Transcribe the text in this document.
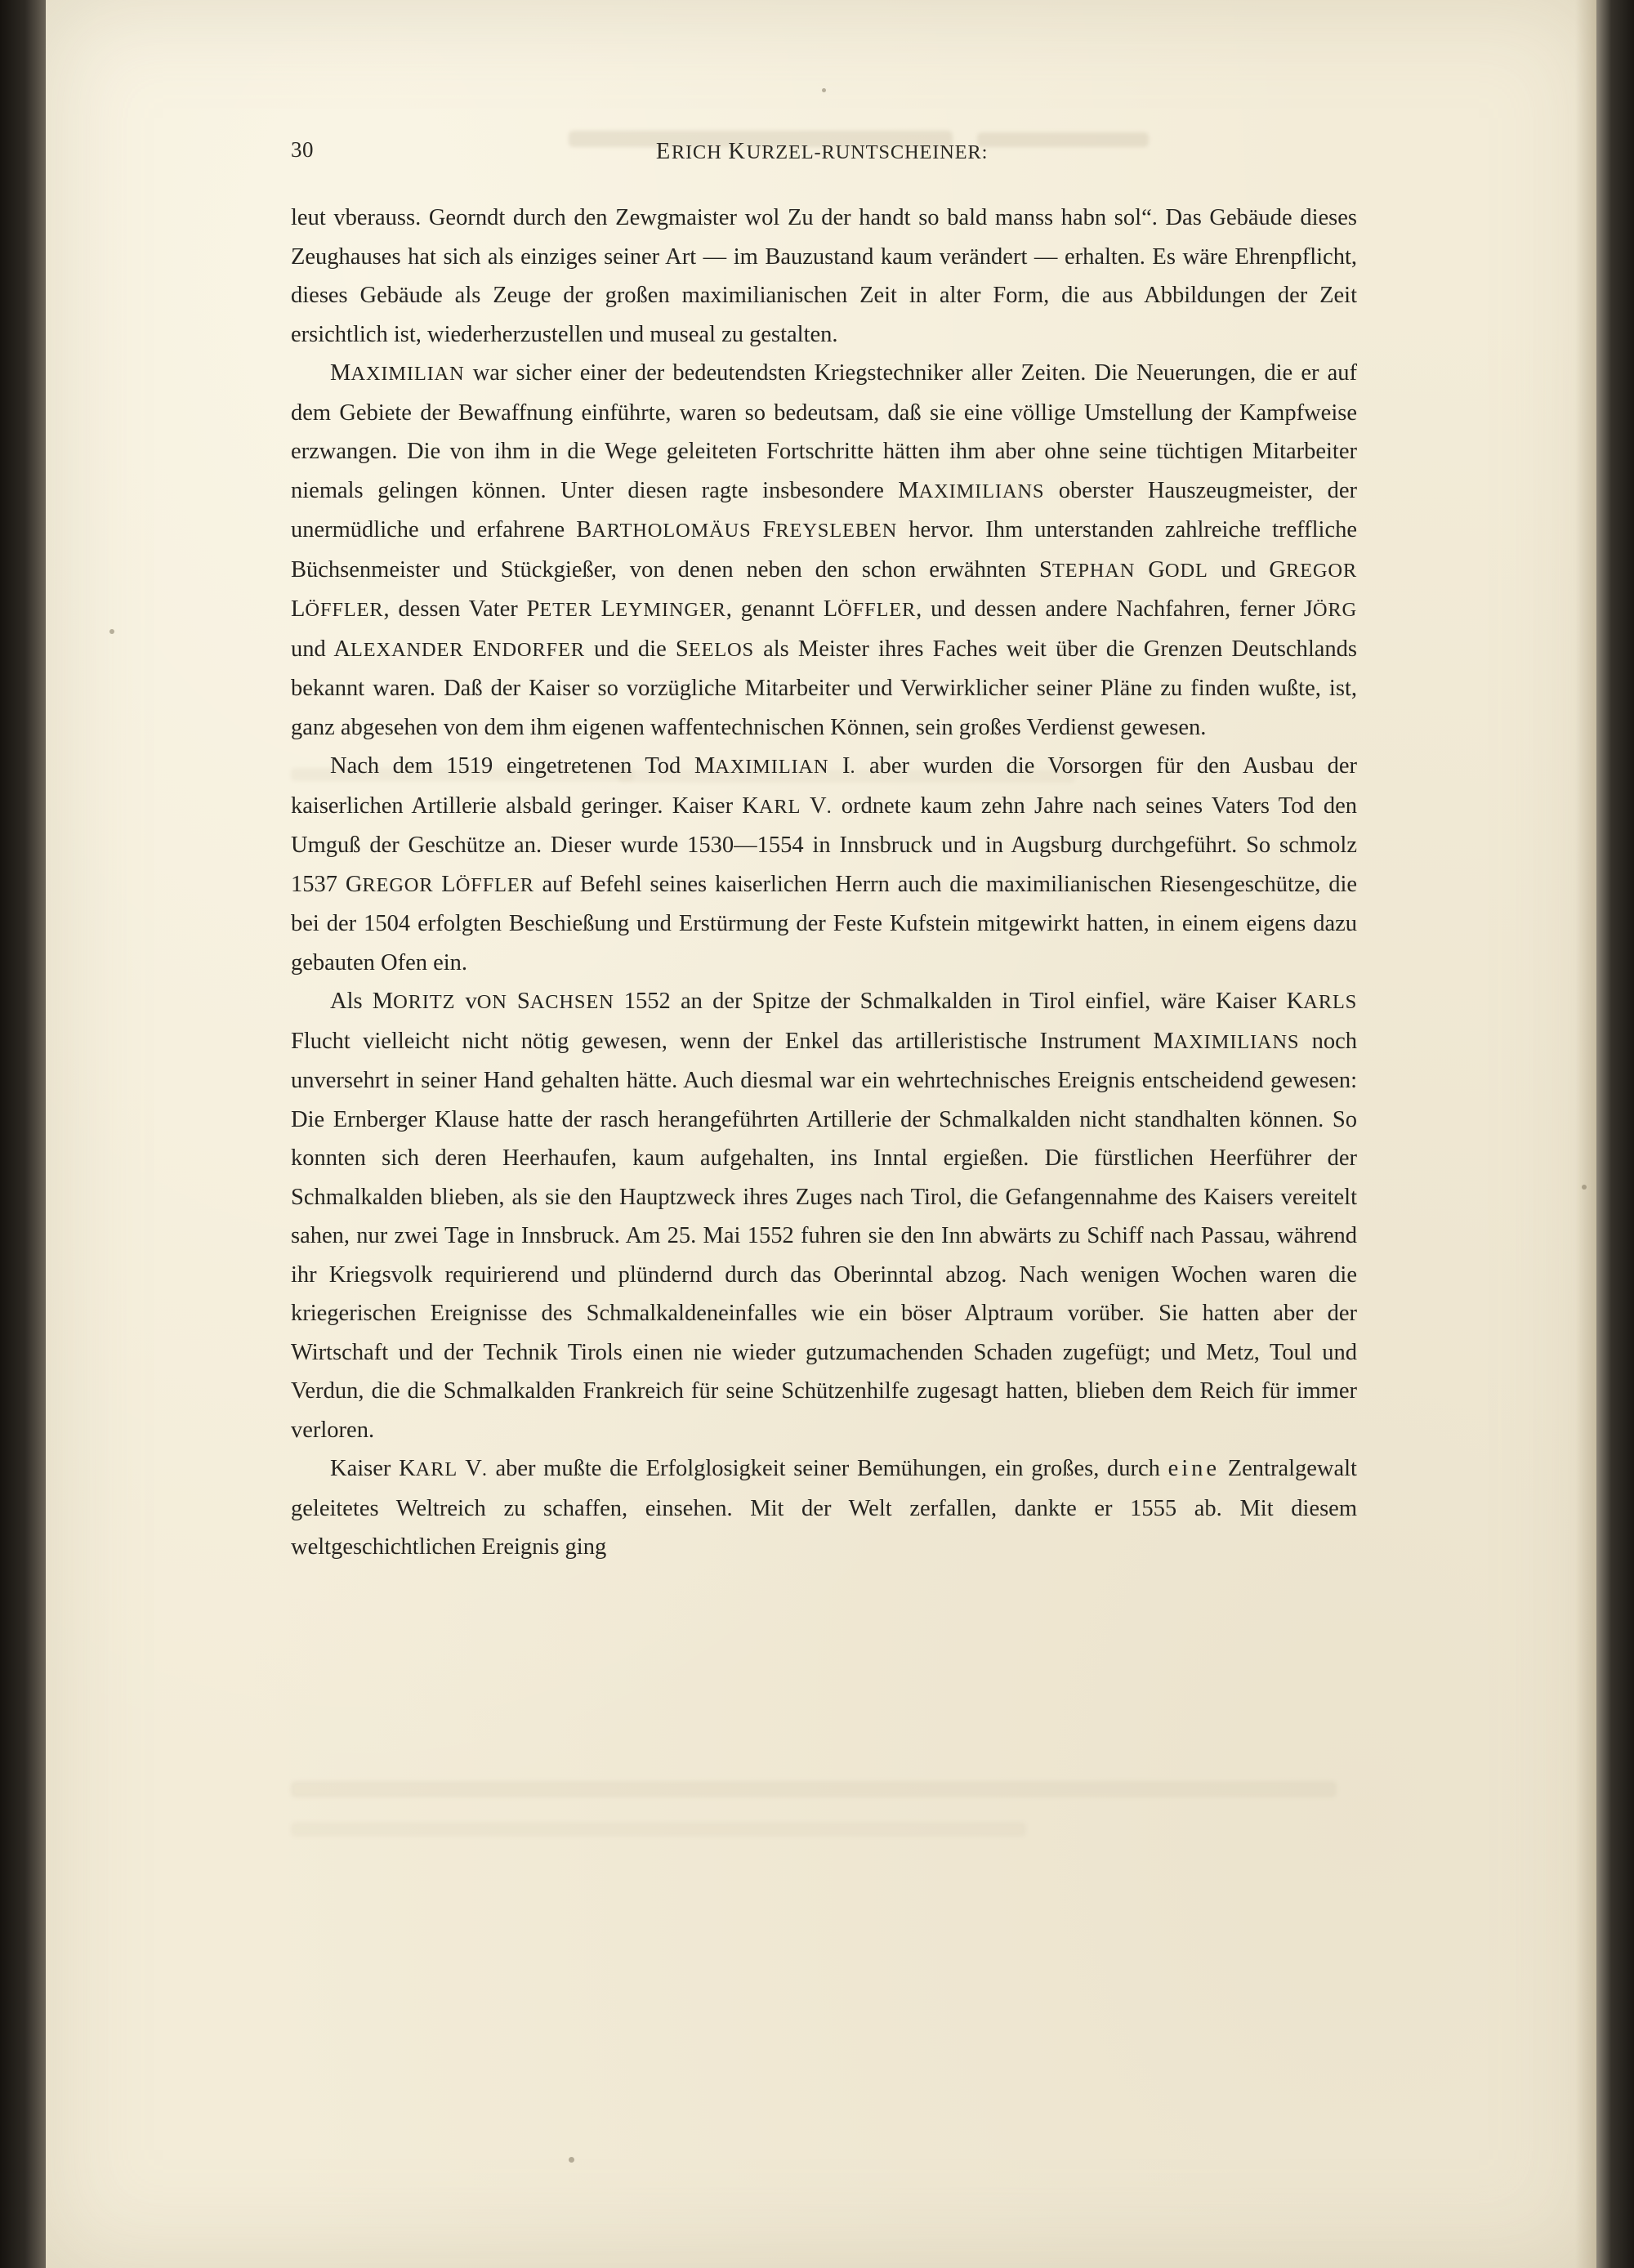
30	ERICH KURZEL-RUNTSCHEINER:

leut vberauss. Georndt durch den Zewgmaister wol Zu der handt so bald manss habn sol“. Das Gebäude dieses Zeughauses hat sich als einziges seiner Art — im Bauzustand kaum verändert — erhalten. Es wäre Ehrenpflicht, dieses Gebäude als Zeuge der großen maximilianischen Zeit in alter Form, die aus Abbildungen der Zeit ersichtlich ist, wiederherzustellen und museal zu gestalten.

MAXIMILIAN war sicher einer der bedeutendsten Kriegstechniker aller Zeiten. Die Neuerungen, die er auf dem Gebiete der Bewaffnung einführte, waren so bedeutsam, daß sie eine völlige Umstellung der Kampfweise erzwangen. Die von ihm in die Wege geleiteten Fortschritte hätten ihm aber ohne seine tüchtigen Mitarbeiter niemals gelingen können. Unter diesen ragte insbesondere MAXIMILIANS oberster Hauszeugmeister, der unermüdliche und erfahrene BARTHOLOMÄUS FREYSLEBEN hervor. Ihm unterstanden zahlreiche treffliche Büchsenmeister und Stückgießer, von denen neben den schon erwähnten STEPHAN GODL und GREGOR LÖFFLER, dessen Vater PETER LEYMINGER, genannt LÖFFLER, und dessen andere Nachfahren, ferner JÖRG und ALEXANDER ENDORFER und die SEELOS als Meister ihres Faches weit über die Grenzen Deutschlands bekannt waren. Daß der Kaiser so vorzügliche Mitarbeiter und Verwirklicher seiner Pläne zu finden wußte, ist, ganz abgesehen von dem ihm eigenen waffentechnischen Können, sein großes Verdienst gewesen.

Nach dem 1519 eingetretenen Tod MAXIMILIAN I. aber wurden die Vorsorgen für den Ausbau der kaiserlichen Artillerie alsbald geringer. Kaiser KARL V. ordnete kaum zehn Jahre nach seines Vaters Tod den Umguß der Geschütze an. Dieser wurde 1530—1554 in Innsbruck und in Augsburg durchgeführt. So schmolz 1537 GREGOR LÖFFLER auf Befehl seines kaiserlichen Herrn auch die maximilianischen Riesengeschütze, die bei der 1504 erfolgten Beschießung und Erstürmung der Feste Kufstein mitgewirkt hatten, in einem eigens dazu gebauten Ofen ein.

Als MORITZ vON SACHSEN 1552 an der Spitze der Schmalkalden in Tirol einfiel, wäre Kaiser KARLS Flucht vielleicht nicht nötig gewesen, wenn der Enkel das artilleristische Instrument MAXIMILIANS noch unversehrt in seiner Hand gehalten hätte. Auch diesmal war ein wehrtechnisches Ereignis entscheidend gewesen: Die Ernberger Klause hatte der rasch herangeführten Artillerie der Schmalkalden nicht standhalten können. So konnten sich deren Heerhaufen, kaum aufgehalten, ins Inntal ergießen. Die fürstlichen Heerführer der Schmalkalden blieben, als sie den Hauptzweck ihres Zuges nach Tirol, die Gefangennahme des Kaisers vereitelt sahen, nur zwei Tage in Innsbruck. Am 25. Mai 1552 fuhren sie den Inn abwärts zu Schiff nach Passau, während ihr Kriegsvolk requirierend und plündernd durch das Oberinntal abzog. Nach wenigen Wochen waren die kriegerischen Ereignisse des Schmalkaldeneinfalles wie ein böser Alptraum vorüber. Sie hatten aber der Wirtschaft und der Technik Tirols einen nie wieder gutzumachenden Schaden zugefügt; und Metz, Toul und Verdun, die die Schmalkalden Frankreich für seine Schützenhilfe zugesagt hatten, blieben dem Reich für immer verloren.

Kaiser KARL V. aber mußte die Erfolglosigkeit seiner Bemühungen, ein großes, durch eine Zentralgewalt geleitetes Weltreich zu schaffen, einsehen. Mit der Welt zerfallen, dankte er 1555 ab. Mit diesem weltgeschichtlichen Ereignis ging
